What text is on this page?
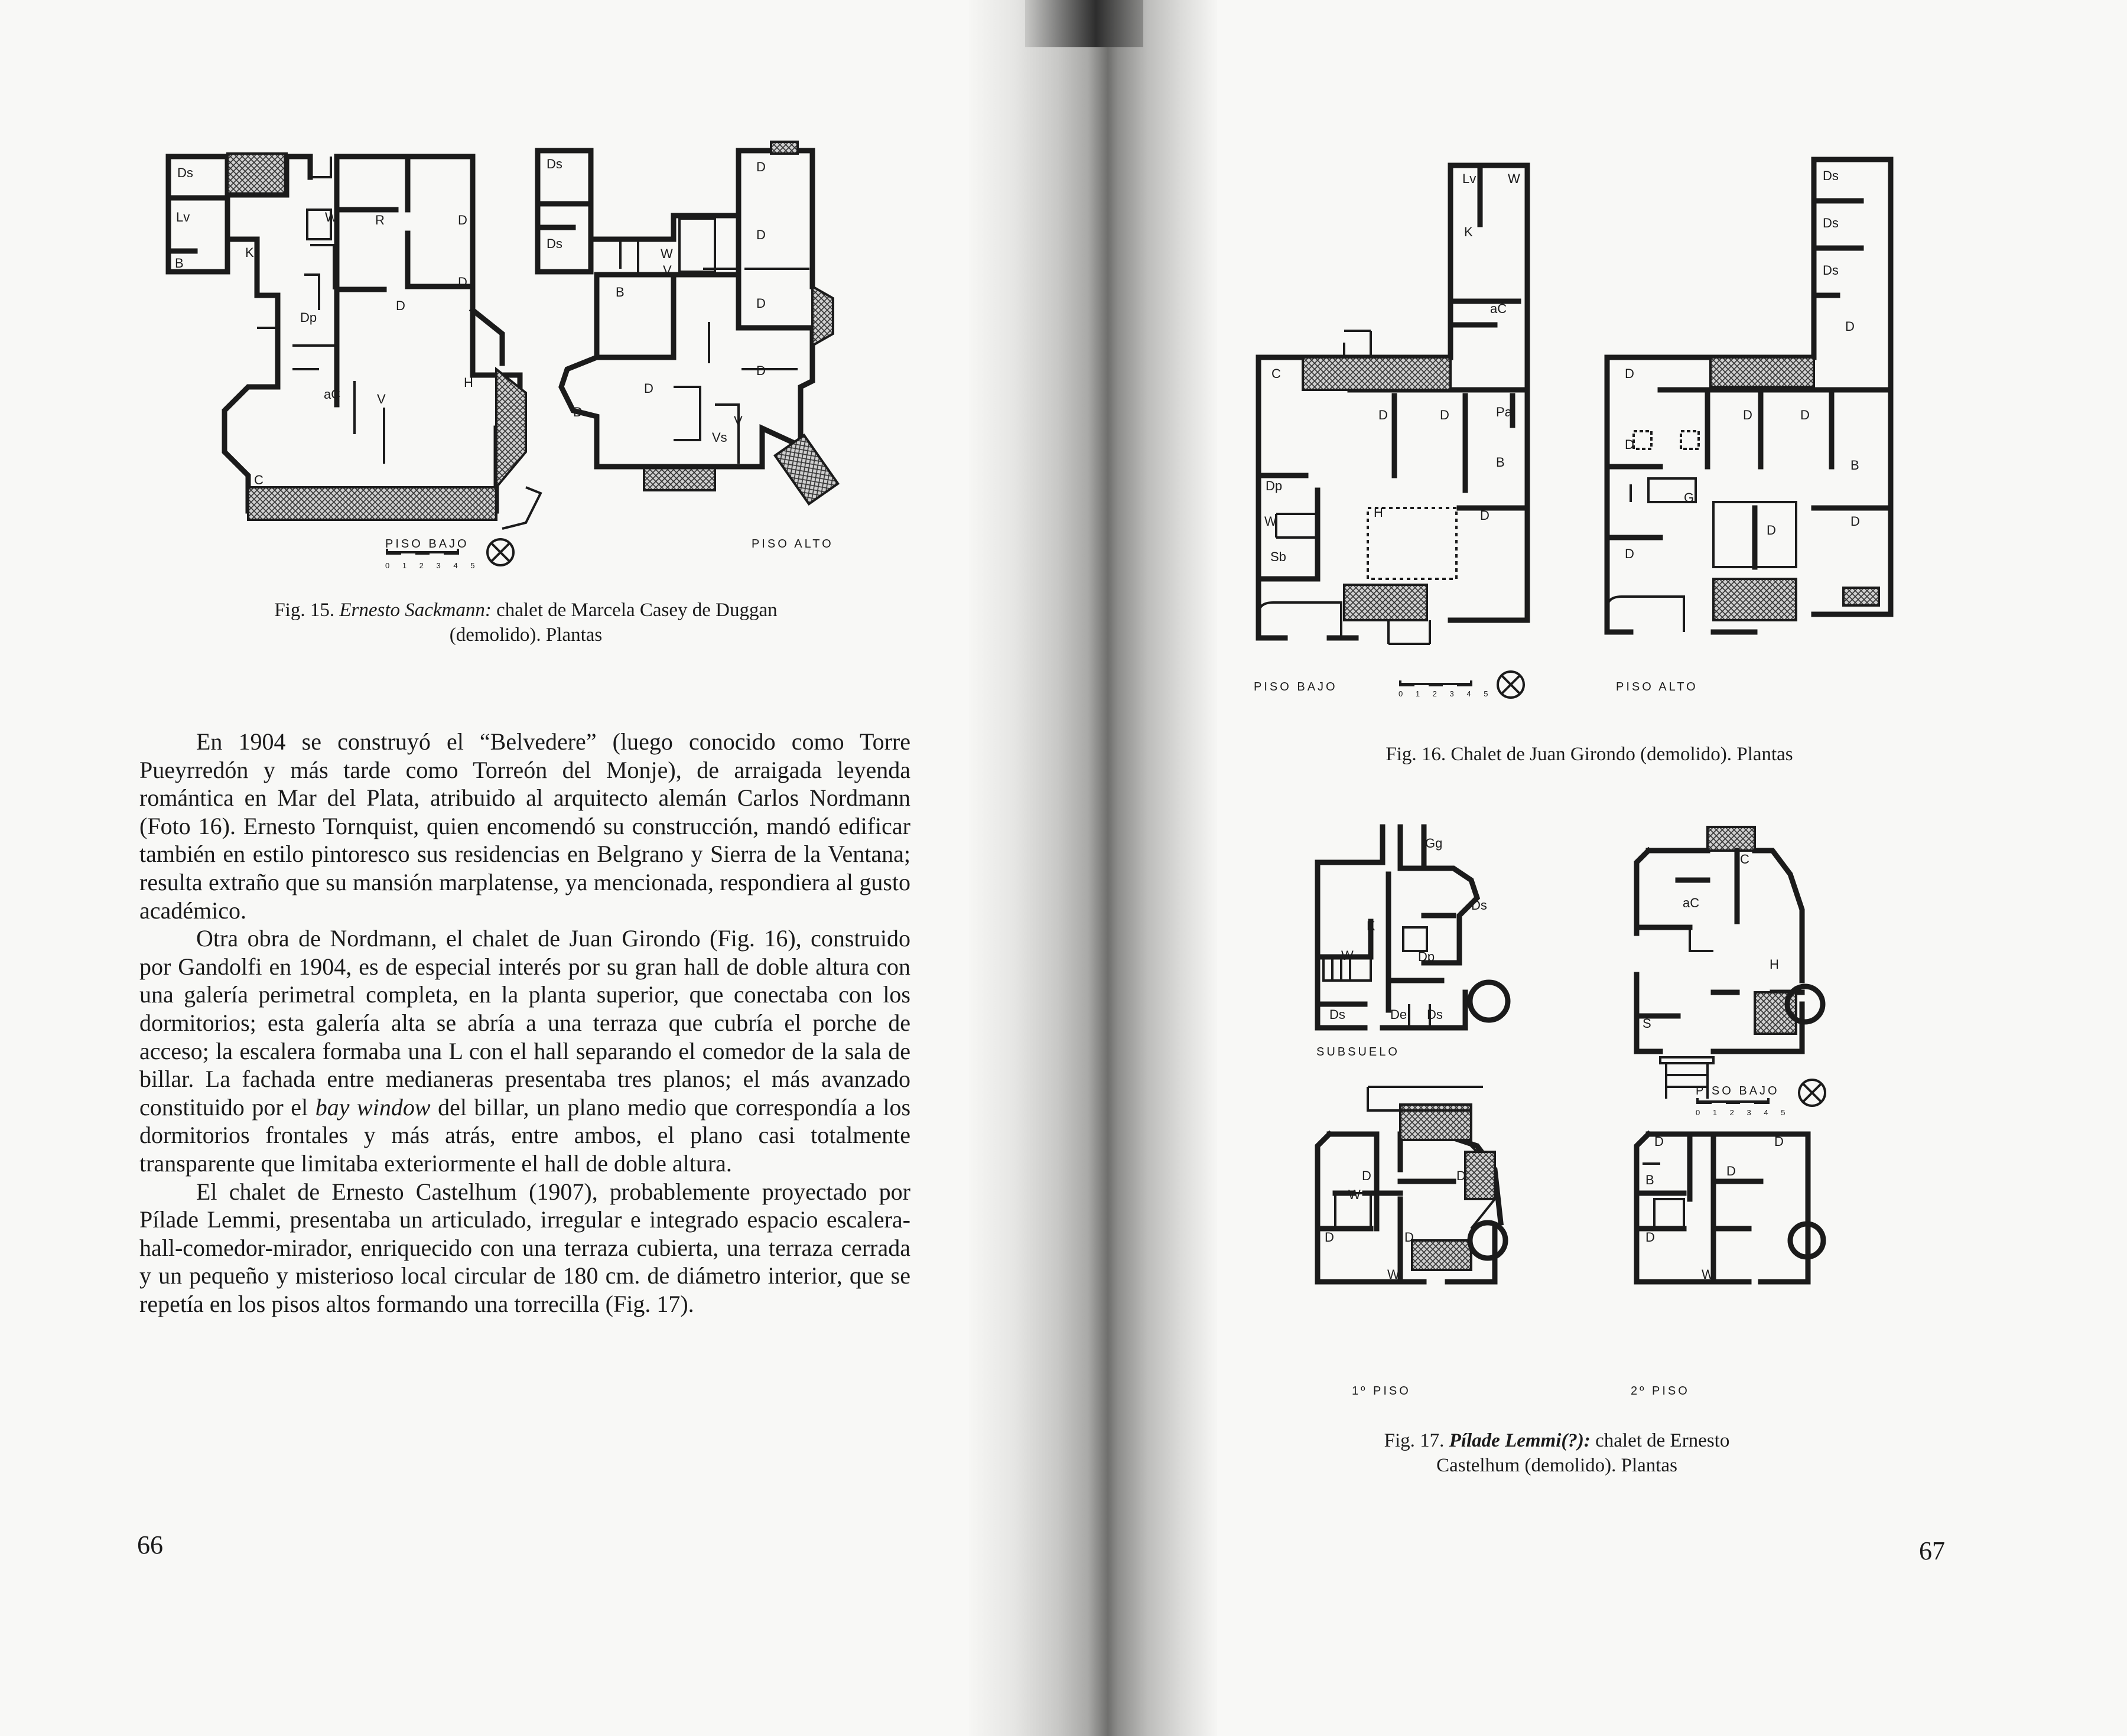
Ds
Lv
K
B
W	R	D
D
D
Dp
aC	V
H
C
Ds
Ds
W
V
B
D
D
D
D
D
D
V
Vs
PISO BAJO	PISO ALTO
0 1 2 3 4 5
Fig. 15. Ernesto Sackmann: chalet de Marcela Casey de Duggan
(demolido). Plantas

En 1904 se construyó el “Belvedere” (luego conocido como Torre Pueyrredón y más tarde como Torreón del Monje), de arraigada leyenda romántica en Mar del Plata, atribuido al arquitecto alemán Carlos Nordmann (Foto 16). Ernesto Tornquist, quien encomendó su construcción, mandó edificar también en estilo pintoresco sus residencias en Belgrano y Sierra de la Ventana; resulta extraño que su mansión marplatense, ya mencionada, respondiera al gusto académico.

Otra obra de Nordmann, el chalet de Juan Girondo (Fig. 16), construido por Gandolfi en 1904, es de especial interés por su gran hall de doble altura con una galería perimetral completa, en la planta superior, que conectaba con los dormitorios; esta galería alta se abría a una terraza que cubría el porche de acceso; la escalera formaba una L con el hall separando el comedor de la sala de billar. La fachada entre medianeras presentaba tres planos; el más avanzado constituido por el bay window del billar, un plano medio que correspondía a los dormitorios frontales y más atrás, entre ambos, el plano casi totalmente transparente que limitaba exteriormente el hall de doble altura.

El chalet de Ernesto Castelhum (1907), probablemente proyectado por Pílade Lemmi, presentaba un articulado, irregular e integrado espacio escalera-hall-comedor-mirador, enriquecido con una terraza cubierta, una terraza cerrada y un pequeño y misterioso local circular de 180 cm. de diámetro interior, que se repetía en los pisos altos formando una torrecilla (Fig. 17).

66
Lv W
K
aC
C
D	D	Pa
B
D
H
Dp
W
Sb
Ds
Ds
Ds
D
D
D	D
D
B
G
D
D
D
PISO BAJO	PISO ALTO
0 1 2 3 4 5
Fig. 16. Chalet de Juan Girondo (demolido). Plantas
Gg
Ds
K
W	Dp
Ds	De Ds
C
aC
H
S
D	D
W
D	D
W
D	D
B
D
D
W
SUBSUELO
PISO BAJO
0 1 2 3 4 5
1º PISO	2º PISO
Fig. 17. Pílade Lemmi(?): chalet de Ernesto
Castelhum (demolido). Plantas
67
